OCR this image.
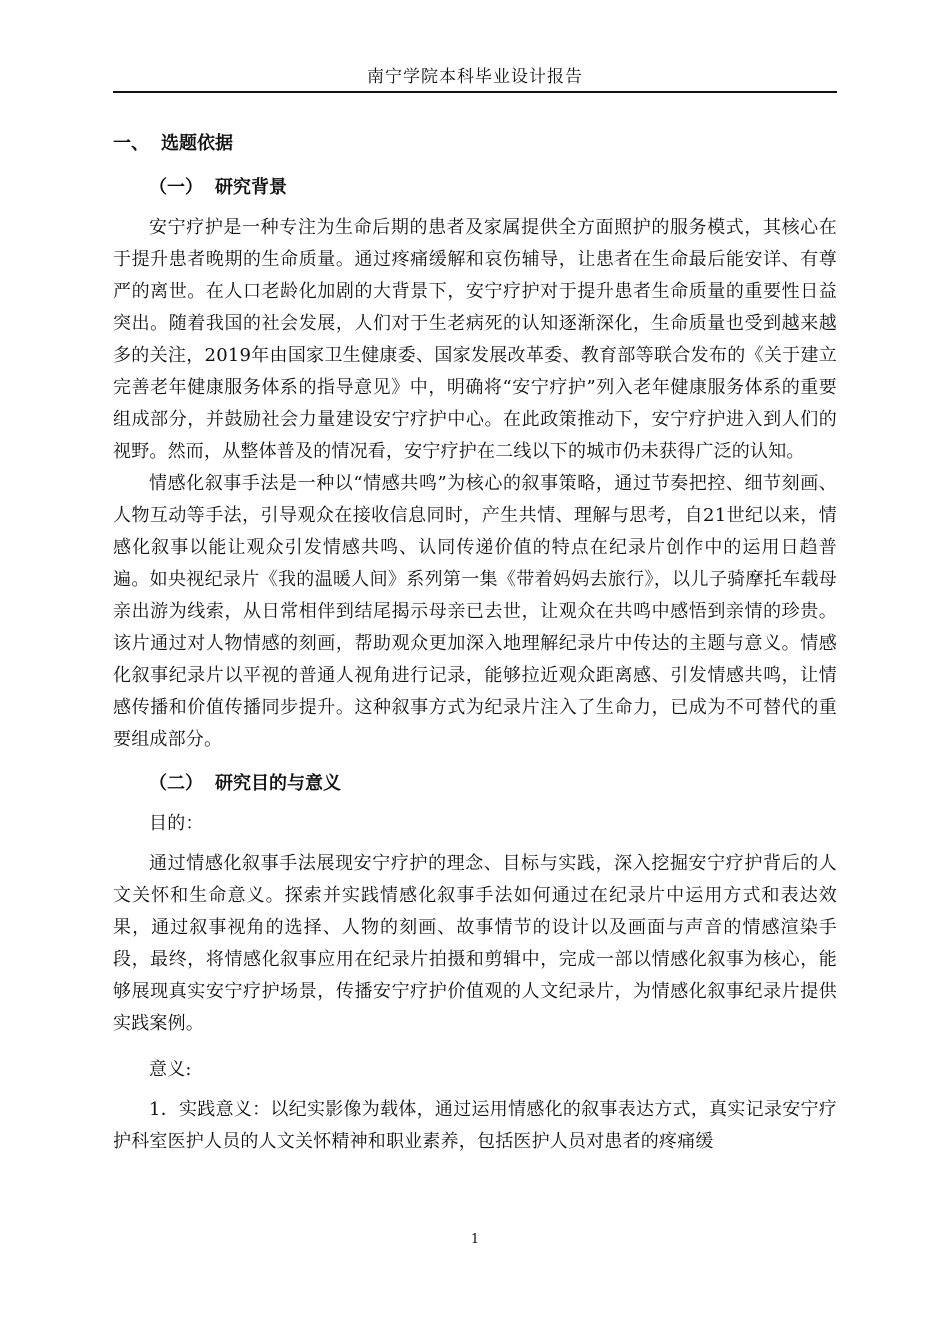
南宁学院本科毕业设计报告
一、 选题依据
（一） 研究背景

安宁疗护是一种专注为生命后期的患者及家属提供全方面照护的服务模式，其核心在于提升患者晚期的生命质量。通过疼痛缓解和哀伤辅导，让患者在生命最后能安详、有尊严的离世。在人口老龄化加剧的大背景下，安宁疗护对于提升患者生命质量的重要性日益突出。随着我国的社会发展，人们对于生老病死的认知逐渐深化，生命质量也受到越来越多的关注，2019年由国家卫生健康委、国家发展改革委、教育部等联合发布的《关于建立完善老年健康服务体系的指导意见》中，明确将“安宁疗护”列入老年健康服务体系的重要组成部分，并鼓励社会力量建设安宁疗护中心。在此政策推动下，安宁疗护进入到人们的视野。然而，从整体普及的情况看，安宁疗护在二线以下的城市仍未获得广泛的认知。

情感化叙事手法是一种以“情感共鸣”为核心的叙事策略，通过节奏把控、细节刻画、人物互动等手法，引导观众在接收信息同时，产生共情、理解与思考，自21世纪以来，情感化叙事以能让观众引发情感共鸣、认同传递价值的特点在纪录片创作中的运用日趋普遍。如央视纪录片《我的温暖人间》系列第一集《带着妈妈去旅行》，以儿子骑摩托车载母亲出游为线索，从日常相伴到结尾揭示母亲已去世，让观众在共鸣中感悟到亲情的珍贵。该片通过对人物情感的刻画，帮助观众更加深入地理解纪录片中传达的主题与意义。情感化叙事纪录片以平视的普通人视角进行记录，能够拉近观众距离感、引发情感共鸣，让情感传播和价值传播同步提升。这种叙事方式为纪录片注入了生命力，已成为不可替代的重要组成部分。

（二） 研究目的与意义

目的：

通过情感化叙事手法展现安宁疗护的理念、目标与实践，深入挖掘安宁疗护背后的人文关怀和生命意义。探索并实践情感化叙事手法如何通过在纪录片中运用方式和表达效果，通过叙事视角的选择、人物的刻画、故事情节的设计以及画面与声音的情感渲染手段，最终，将情感化叙事应用在纪录片拍摄和剪辑中，完成一部以情感化叙事为核心，能够展现真实安宁疗护场景，传播安宁疗护价值观的人文纪录片，为情感化叙事纪录片提供实践案例。

意义:

1．实践意义：以纪实影像为载体，通过运用情感化的叙事表达方式，真实记录安宁疗护科室医护人员的人文关怀精神和职业素养，包括医护人员对患者的疼痛缓

1
